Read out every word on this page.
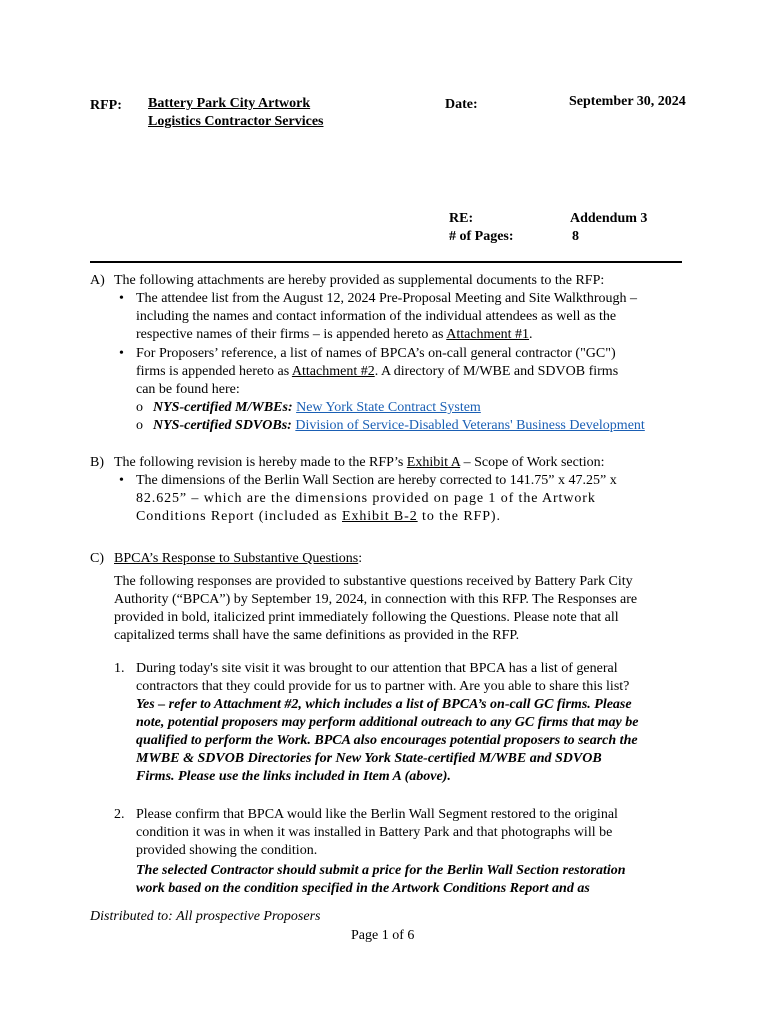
RFP: Battery Park City Artwork
Logistics Contractor Services
Date:	September 30, 2024
RE:	Addendum 3
# of Pages:	8
A) The following attachments are hereby provided as supplemental documents to the RFP:

• The attendee list from the August 12, 2024 Pre-Proposal Meeting and Site Walkthrough –

including the names and contact information of the individual attendees as well as the

respective names of their firms – is appended hereto as Attachment #1.

• For Proposers’ reference, a list of names of BPCA’s on-call general contractor ("GC")

firms is appended hereto as Attachment #2. A directory of M/WBE and SDVOB firms

can be found here:

o NYS-certified M/WBEs: New York State Contract System

o NYS-certified SDVOBs: Division of Service-Disabled Veterans' Business Development

B) The following revision is hereby made to the RFP’s Exhibit A – Scope of Work section:

• The dimensions of the Berlin Wall Section are hereby corrected to 141.75” x 47.25” x

82.625” – which are the dimensions provided on page 1 of the Artwork

Conditions Report (included as Exhibit B-2 to the RFP).

C) BPCA’s Response to Substantive Questions:

The following responses are provided to substantive questions received by Battery Park City

Authority (“BPCA”) by September 19, 2024, in connection with this RFP. The Responses are

provided in bold, italicized print immediately following the Questions. Please note that all

capitalized terms shall have the same definitions as provided in the RFP.

1. During today's site visit it was brought to our attention that BPCA has a list of general

contractors that they could provide for us to partner with. Are you able to share this list?

Yes – refer to Attachment #2, which includes a list of BPCA’s on-call GC firms. Please

note, potential proposers may perform additional outreach to any GC firms that may be

qualified to perform the Work. BPCA also encourages potential proposers to search the

MWBE & SDVOB Directories for New York State-certified M/WBE and SDVOB

Firms. Please use the links included in Item A (above).

2. Please confirm that BPCA would like the Berlin Wall Segment restored to the original

condition it was in when it was installed in Battery Park and that photographs will be

provided showing the condition.

The selected Contractor should submit a price for the Berlin Wall Section restoration

work based on the condition specified in the Artwork Conditions Report and as

Distributed to: All prospective Proposers

Page 1 of 6
